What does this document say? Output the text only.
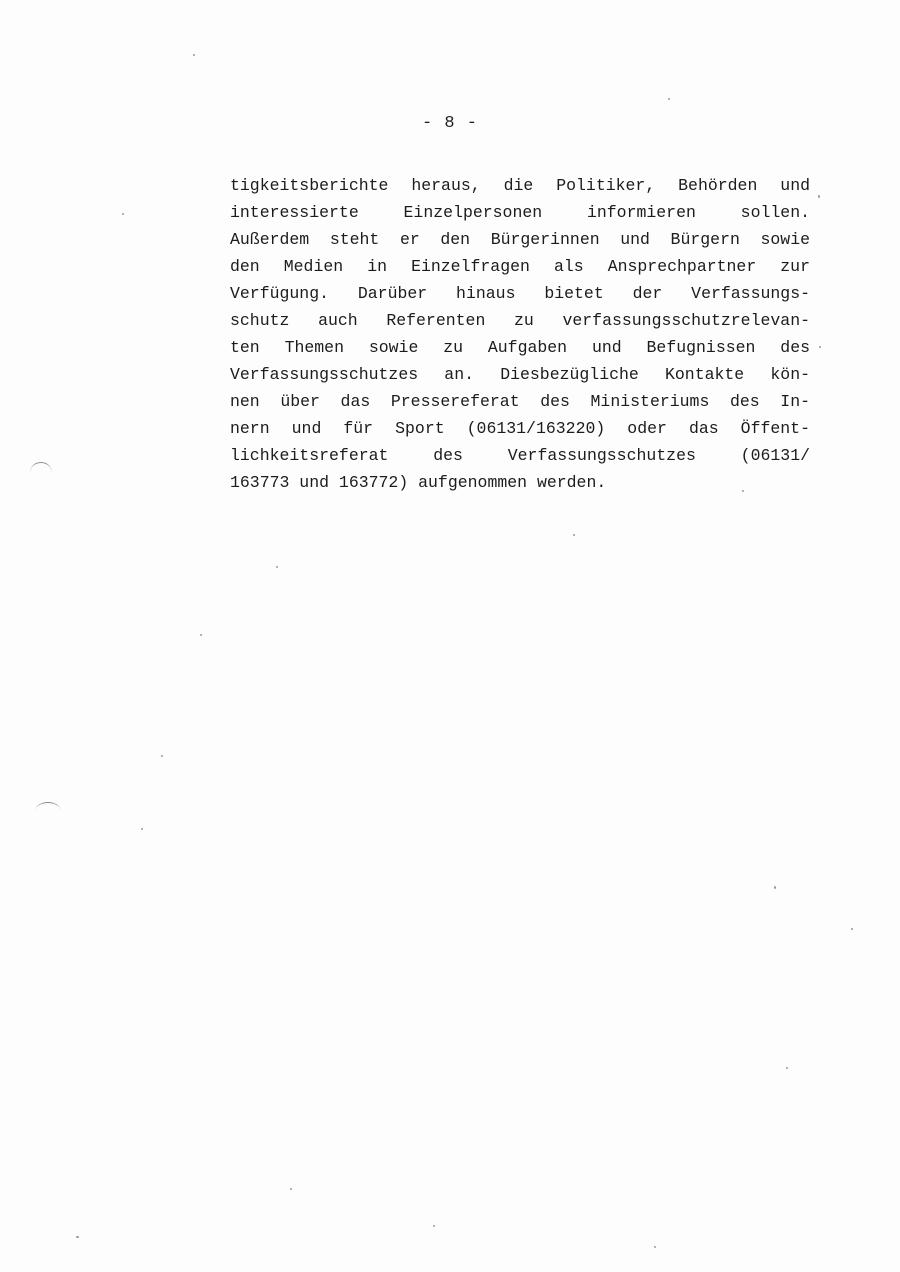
- 8 -
tigkeitsberichte heraus, die Politiker, Behörden und
interessierte Einzelpersonen informieren sollen.
Außerdem steht er den Bürgerinnen und Bürgern sowie
den Medien in Einzelfragen als Ansprechpartner zur
Verfügung. Darüber hinaus bietet der Verfassungs-
schutz auch Referenten zu verfassungsschutzrelevan-
ten Themen sowie zu Aufgaben und Befugnissen des
Verfassungsschutzes an. Diesbezügliche Kontakte kön-
nen über das Pressereferat des Ministeriums des In-
nern und für Sport (06131/163220) oder das Öffent-
lichkeitsreferat des Verfassungsschutzes (06131/
163773 und 163772) aufgenommen werden.
